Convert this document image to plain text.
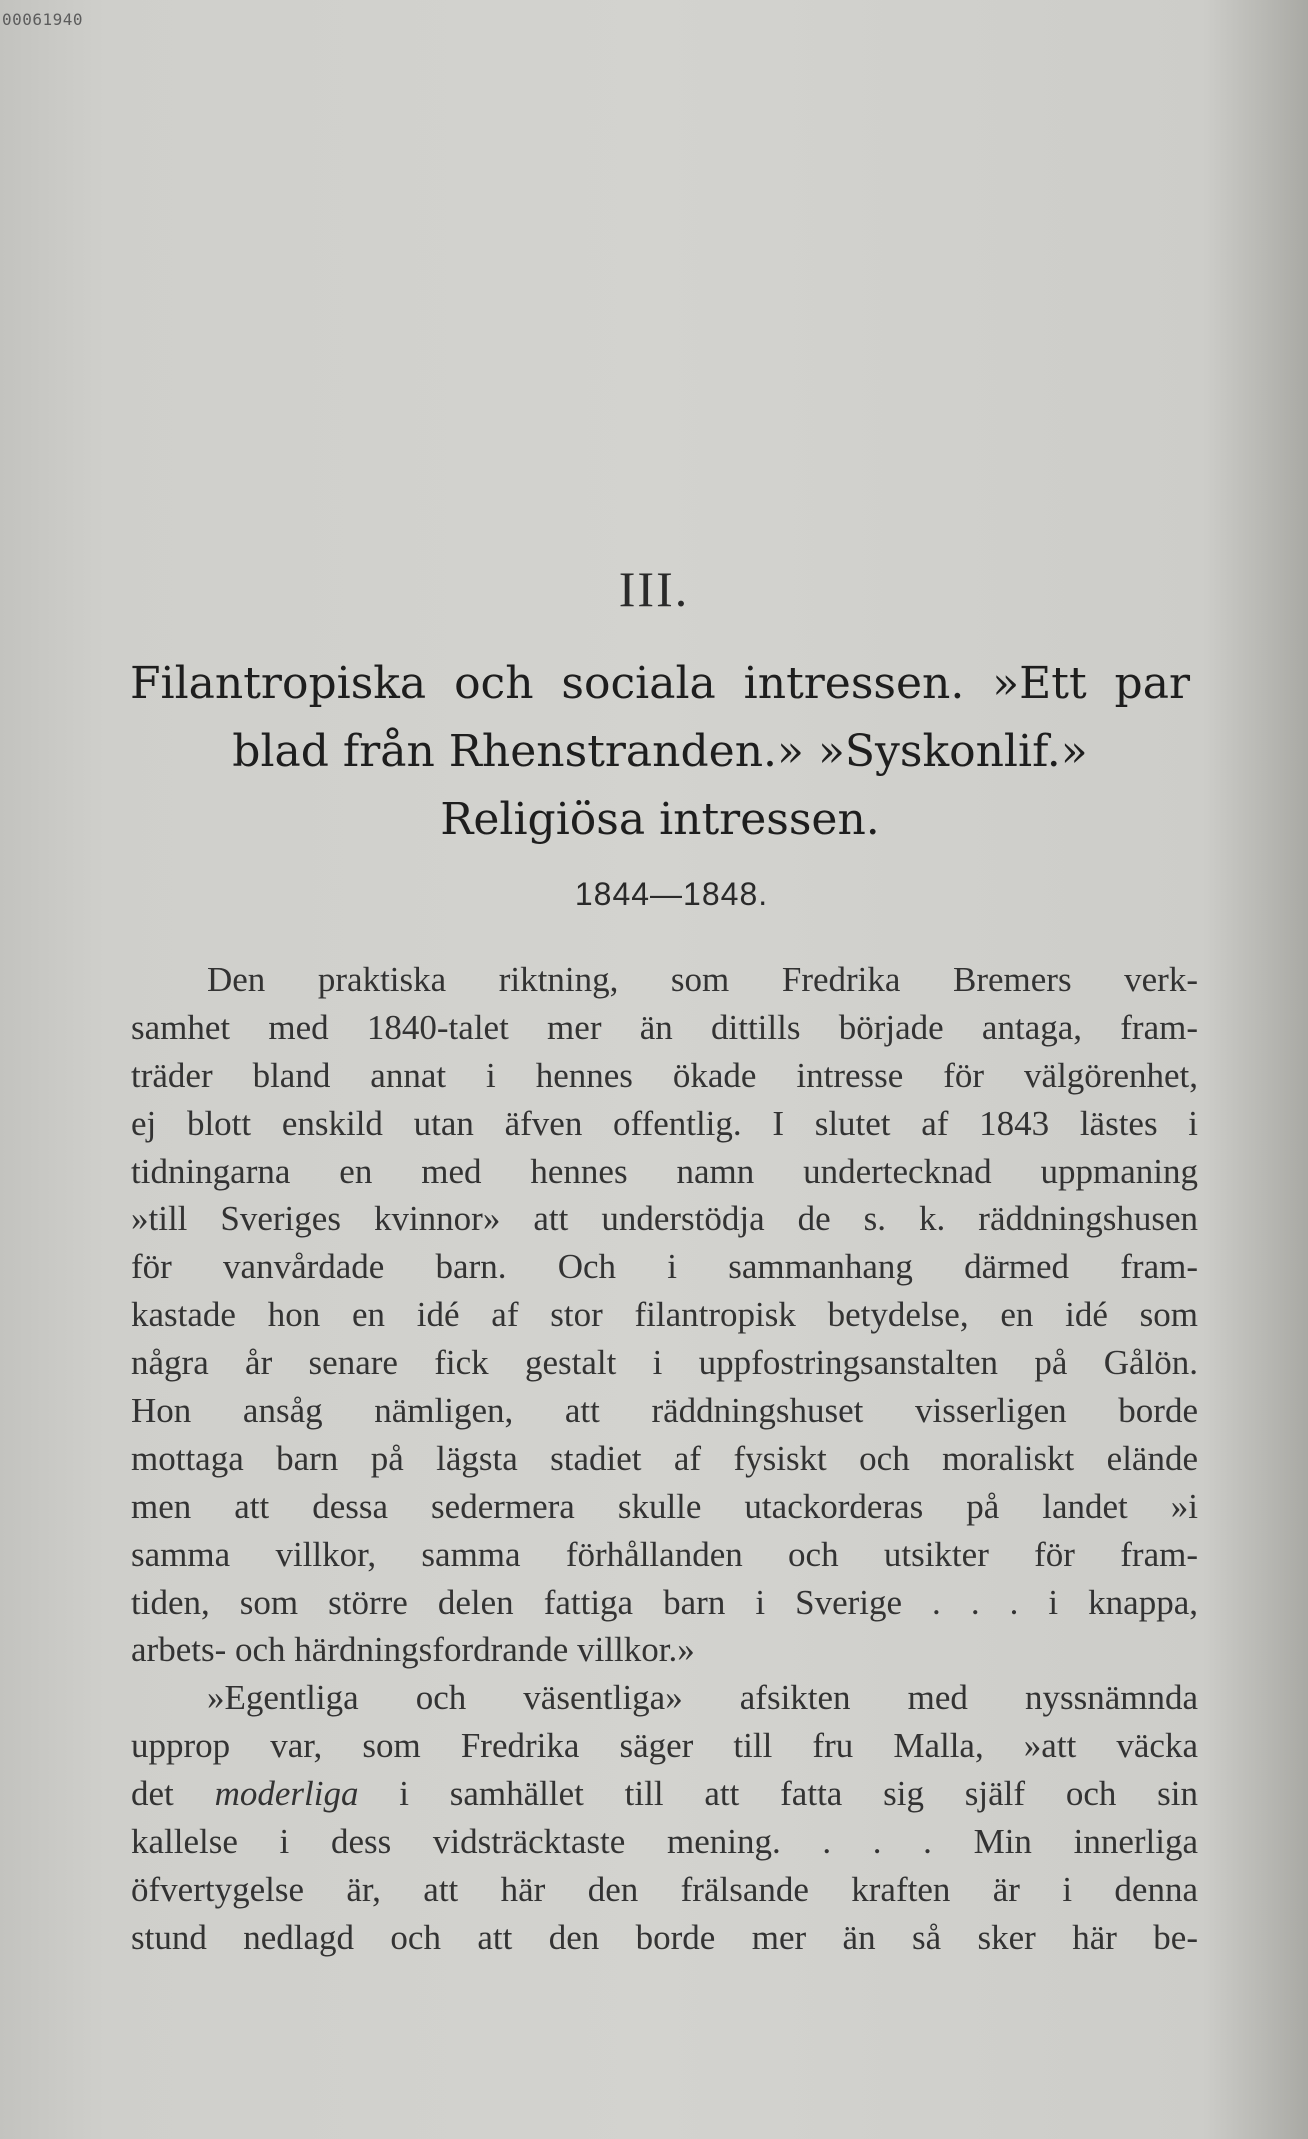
00061940
III.
Filantropiska och sociala intressen. »Ett par
blad från Rhenstranden.» »Syskonlif.»
Religiösa intressen.
1844—1848.
Den praktiska riktning, som Fredrika Bremers verk-
samhet med 1840-talet mer än dittills började antaga, fram-
träder bland annat i hennes ökade intresse för välgörenhet,
ej blott enskild utan äfven offentlig. I slutet af 1843 lästes i
tidningarna en med hennes namn undertecknad uppmaning
»till Sveriges kvinnor» att understödja de s. k. räddningshusen
för vanvårdade barn. Och i sammanhang därmed fram-
kastade hon en idé af stor filantropisk betydelse, en idé som
några år senare fick gestalt i uppfostringsanstalten på Gålön.
Hon ansåg nämligen, att räddningshuset visserligen borde
mottaga barn på lägsta stadiet af fysiskt och moraliskt elände
men att dessa sedermera skulle utackorderas på landet »i
samma villkor, samma förhållanden och utsikter för fram-
tiden, som större delen fattiga barn i Sverige . . . i knappa,
arbets- och härdningsfordrande villkor.»
»Egentliga och väsentliga» afsikten med nyssnämnda
upprop var, som Fredrika säger till fru Malla, »att väcka
det moderliga i samhället till att fatta sig själf och sin
kallelse i dess vidsträcktaste mening. . . . Min innerliga
öfvertygelse är, att här den frälsande kraften är i denna
stund nedlagd och att den borde mer än så sker här be-
